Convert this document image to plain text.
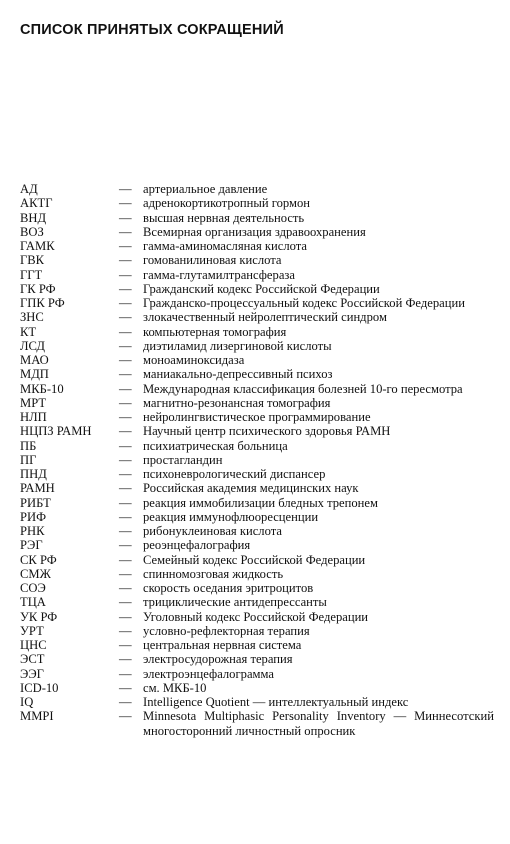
СПИСОК ПРИНЯТЫХ СОКРАЩЕНИЙ
АД	— артериальное давление
АКТГ	— адренокортикотропный гормон
ВНД	— высшая нервная деятельность
ВОЗ	— Всемирная организация здравоохранения
ГАМК	— гамма-аминомасляная кислота
ГВК	— гомованилиновая кислота
ГГТ	— гамма-глутамилтрансфераза
ГК РФ	— Гражданский кодекс Российской Федерации
ГПК РФ	— Гражданско-процессуальный кодекс Российской Федерации
ЗНС	— злокачественный нейролептический синдром
КТ	— компьютерная томография
ЛСД	— диэтиламид лизергиновой кислоты
МАО	— моноаминоксидаза
МДП	— маниакально-депрессивный психоз
МКБ-10	— Международная классификация болезней 10-го пересмотра
МРТ	— магнитно-резонансная томография
НЛП	— нейролингвистическое программирование
НЦПЗ РАМН	— Научный центр психического здоровья РАМН
ПБ	— психиатрическая больница
ПГ	— простагландин
ПНД	— психоневрологический диспансер
РАМН	— Российская академия медицинских наук
РИБТ	— реакция иммобилизации бледных трепонем
РИФ	— реакция иммунофлюоресценции
РНК	— рибонуклеиновая кислота
РЭГ	— реоэнцефалография
СК РФ	— Семейный кодекс Российской Федерации
СМЖ	— спинномозговая жидкость
СОЭ	— скорость оседания эритроцитов
ТЦА	— трициклические антидепрессанты
УК РФ	— Уголовный кодекс Российской Федерации
УРТ	— условно-рефлекторная терапия
ЦНС	— центральная нервная система
ЭСТ	— электросудорожная терапия
ЭЭГ	— электроэнцефалограмма
ICD-10	— см. МКБ-10
IQ	— Intelligence Quotient — интеллектуальный индекс
MMPI	— Minnesota Multiphasic Personality Inventory — Миннесотский многосторонний личностный опросник
